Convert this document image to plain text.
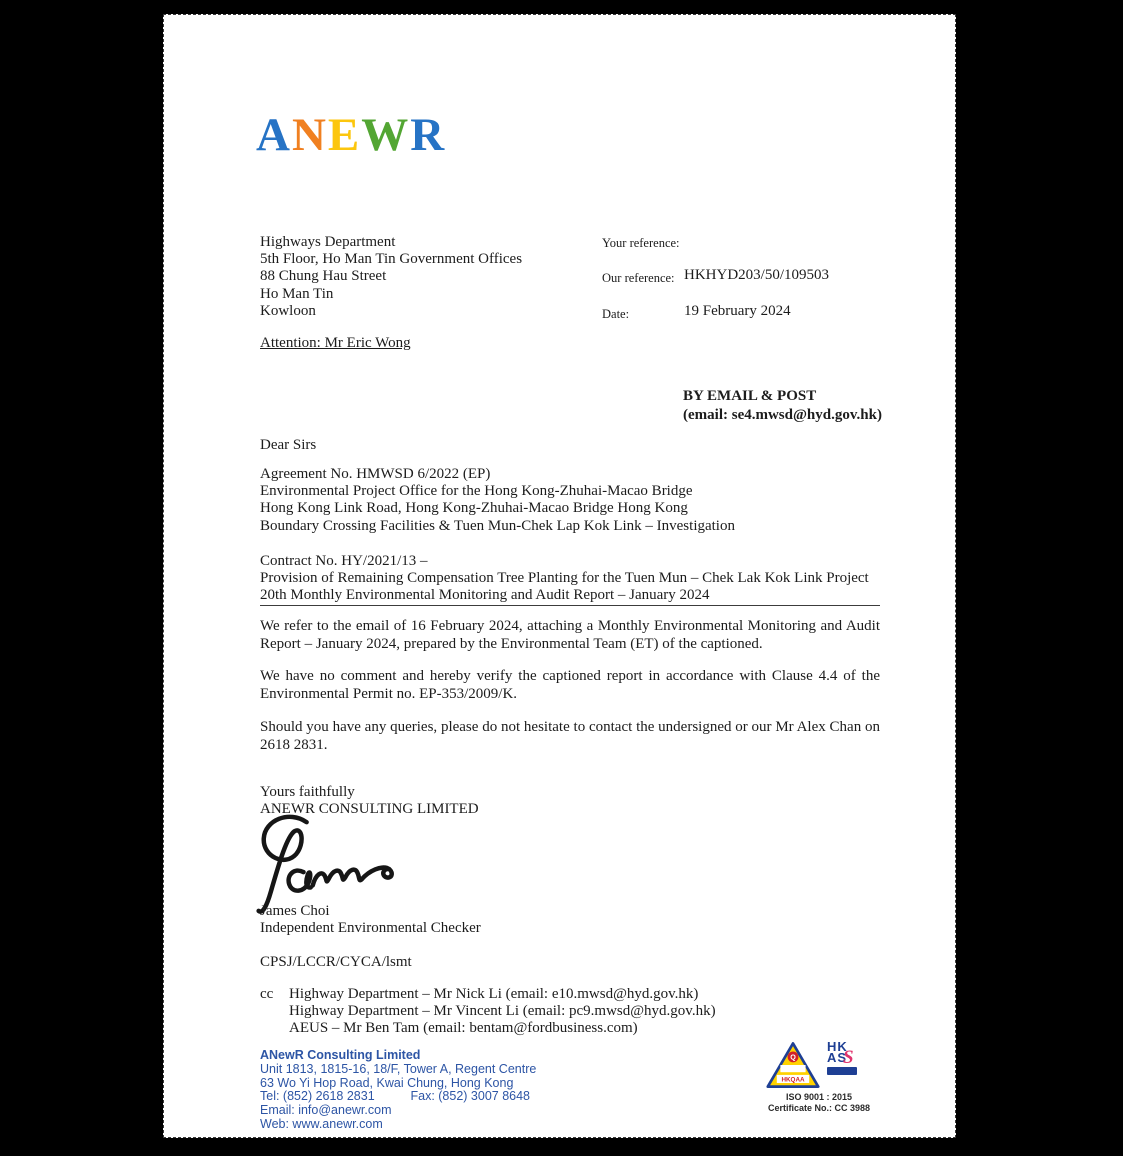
ANEWR
Highways Department
5th Floor, Ho Man Tin Government Offices
88 Chung Hau Street
Ho Man Tin
Kowloon
Your reference:
Our reference: HKHYD203/50/109503
Date:	19 February 2024
Attention: Mr Eric Wong
BY EMAIL & POST
(email: se4.mwsd@hyd.gov.hk)
Dear Sirs
Agreement No. HMWSD 6/2022 (EP)
Environmental Project Office for the Hong Kong-Zhuhai-Macao Bridge
Hong Kong Link Road, Hong Kong-Zhuhai-Macao Bridge Hong Kong
Boundary Crossing Facilities & Tuen Mun-Chek Lap Kok Link – Investigation
Contract No. HY/2021/13 –
Provision of Remaining Compensation Tree Planting for the Tuen Mun – Chek Lak Kok Link Project
20th Monthly Environmental Monitoring and Audit Report – January 2024
We refer to the email of 16 February 2024, attaching a Monthly Environmental Monitoring and Audit Report – January 2024, prepared by the Environmental Team (ET) of the captioned.
We have no comment and hereby verify the captioned report in accordance with Clause 4.4 of the Environmental Permit no. EP-353/2009/K.
Should you have any queries, please do not hesitate to contact the undersigned or our Mr Alex Chan on 2618 2831.
Yours faithfully
ANEWR CONSULTING LIMITED
James Choi
Independent Environmental Checker
CPSJ/LCCR/CYCA/lsmt
cc	Highway Department – Mr Nick Li (email: e10.mwsd@hyd.gov.hk)
Highway Department – Mr Vincent Li (email: pc9.mwsd@hyd.gov.hk)
AEUS – Mr Ben Tam (email: bentam@fordbusiness.com)
ANewR Consulting Limited
Unit 1813, 1815-16, 18/F, Tower A, Regent Centre
63 Wo Yi Hop Road, Kwai Chung, Hong Kong
Tel: (852) 2618 2831	Fax: (852) 3007 8648
Email: info@anewr.com
Web: www.anewr.com
Q
HKQAA
HK
AS
S
ISO 9001 : 2015
Certificate No.: CC 3988
